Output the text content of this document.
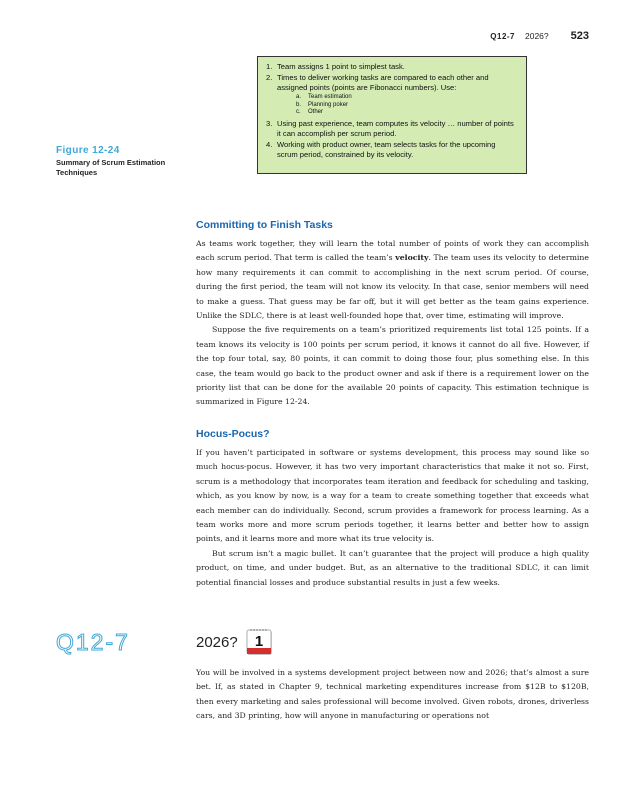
Q12-7 2026? 523
1. Team assigns 1 point to simplest task.
2. Times to deliver working tasks are compared to each other and assigned points (points are Fibonacci numbers). Use:
a.	Team estimation
b.	Planning poker
c.	Other
3. Using past experience, team computes its velocity … number of points it can accomplish per scrum period.
4. Working with product owner, team selects tasks for the upcoming scrum period, constrained by its velocity.
Figure 12-24
Summary of Scrum Estimation Techniques
Committing to Finish Tasks

As teams work together, they will learn the total number of points of work they can accomplish each scrum period. That term is called the team’s velocity. The team uses its velocity to determine how many requirements it can commit to accomplishing in the next scrum period. Of course, during the first period, the team will not know its velocity. In that case, senior members will need to make a guess. That guess may be far off, but it will get better as the team gains experience. Unlike the SDLC, there is at least well-founded hope that, over time, estimating will improve.

Suppose the five requirements on a team’s prioritized requirements list total 125 points. If a team knows its velocity is 100 points per scrum period, it knows it cannot do all five. However, if the top four total, say, 80 points, it can commit to doing those four, plus something else. In this case, the team would go back to the product owner and ask if there is a requirement lower on the priority list that can be done for the available 20 points of capacity. This estimation technique is summarized in Figure 12-24.

Hocus-Pocus?

If you haven’t participated in software or systems development, this process may sound like so much hocus-pocus. However, it has two very important characteristics that make it not so. First, scrum is a methodology that incorporates team iteration and feedback for scheduling and tasking, which, as you know by now, is a way for a team to create something together that exceeds what each member can do individually. Second, scrum provides a framework for process learning. As a team works more and more scrum periods together, it learns better and better how to assign points, and it learns more and more what its true velocity is.

But scrum isn’t a magic bullet. It can’t guarantee that the project will produce a high quality product, on time, and under budget. But, as an alternative to the traditional SDLC, it can limit potential financial losses and produce substantial results in just a few weeks.

Q12-7	2026? 1

You will be involved in a systems development project between now and 2026; that’s almost a sure bet. If, as stated in Chapter 9, technical marketing expenditures increase from $12B to $120B, then every marketing and sales professional will become involved. Given robots, drones, driverless cars, and 3D printing, how will anyone in manufacturing or operations not
